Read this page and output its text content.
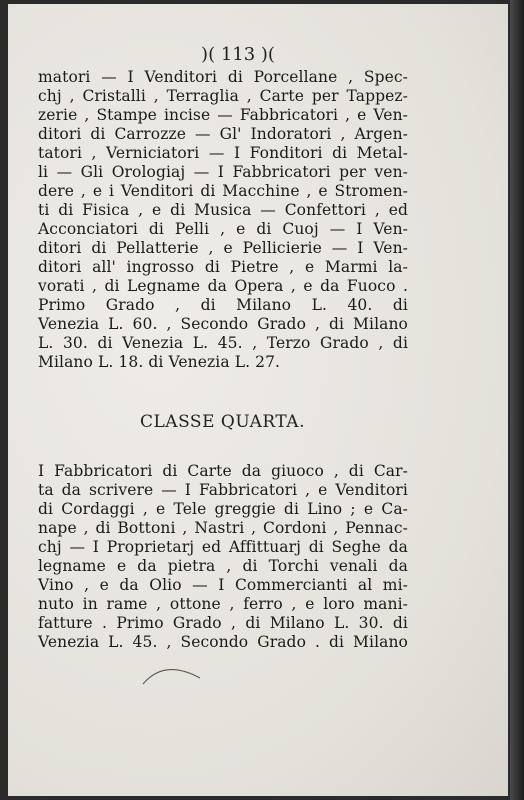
)( 113 )(
matori — I Venditori di Porcellane , Spec-
chj , Cristalli , Terraglia , Carte per Tappez-
zerie , Stampe incise — Fabbricatori , e Ven-
ditori di Carrozze — Gl' Indoratori , Argen-
tatori , Verniciatori — I Fonditori di Metal-
li — Gli Orologiaj — I Fabbricatori per ven-
dere , e i Venditori di Macchine , e Stromen-
ti di Fisica , e di Musica — Confettori , ed
Acconciatori di Pelli , e di Cuoj — I Ven-
ditori di Pellatterie , e Pellicierie — I Ven-
ditori all' ingrosso di Pietre , e Marmi la-
vorati , di Legname da Opera , e da Fuoco .
Primo Grado , di Milano L. 40. di
Venezia L. 60. , Secondo Grado , di Milano
L. 30. di Venezia L. 45. , Terzo Grado , di
Milano L. 18. di Venezia L. 27.
CLASSE QUARTA.
I Fabbricatori di Carte da giuoco , di Car-
ta da scrivere — I Fabbricatori , e Venditori
di Cordaggi , e Tele greggie di Lino ; e Ca-
nape , di Bottoni , Nastri , Cordoni , Pennac-
chj — I Proprietarj ed Affittuarj di Seghe da
legname e da pietra , di Torchi venali da
Vino , e da Olio — I Commercianti al mi-
nuto in rame , ottone , ferro , e loro mani-
fatture . Primo Grado , di Milano L. 30. di
Venezia L. 45. , Secondo Grado . di Milano
